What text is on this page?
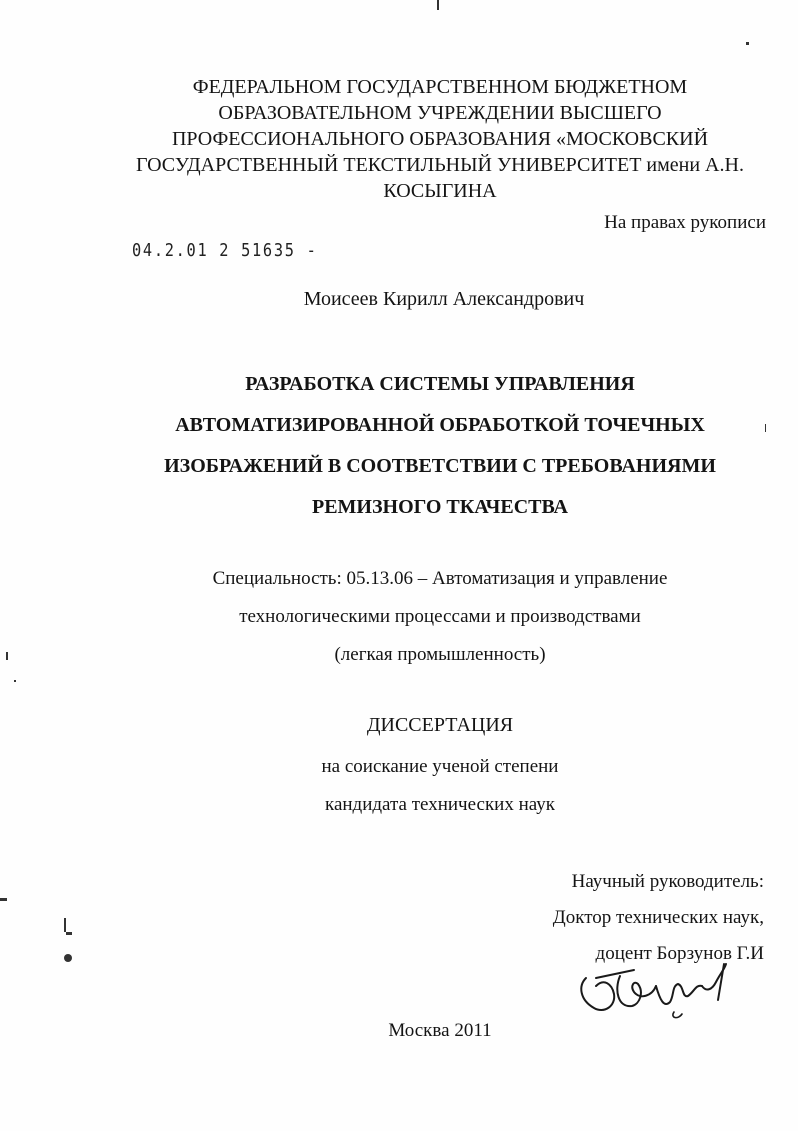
ФЕДЕРАЛЬНОМ ГОСУДАРСТВЕННОМ БЮДЖЕТНОМ
ОБРАЗОВАТЕЛЬНОМ УЧРЕЖДЕНИИ ВЫСШЕГО
ПРОФЕССИОНАЛЬНОГО ОБРАЗОВАНИЯ «МОСКОВСКИЙ
ГОСУДАРСТВЕННЫЙ ТЕКСТИЛЬНЫЙ УНИВЕРСИТЕТ имени А.Н.
КОСЫГИНА
На правах рукописи
04.2.01 2 51635 -
Моисеев Кирилл Александрович
РАЗРАБОТКА СИСТЕМЫ УПРАВЛЕНИЯ
АВТОМАТИЗИРОВАННОЙ ОБРАБОТКОЙ ТОЧЕЧНЫХ
ИЗОБРАЖЕНИЙ В СООТВЕТСТВИИ С ТРЕБОВАНИЯМИ
РЕМИЗНОГО ТКАЧЕСТВА
Специальность: 05.13.06 – Автоматизация и управление
технологическими процессами и производствами
(легкая промышленность)
ДИССЕРТАЦИЯ
на соискание ученой степени
кандидата технических наук
Научный руководитель:
Доктор технических наук,
доцент Борзунов Г.И
Москва 2011
